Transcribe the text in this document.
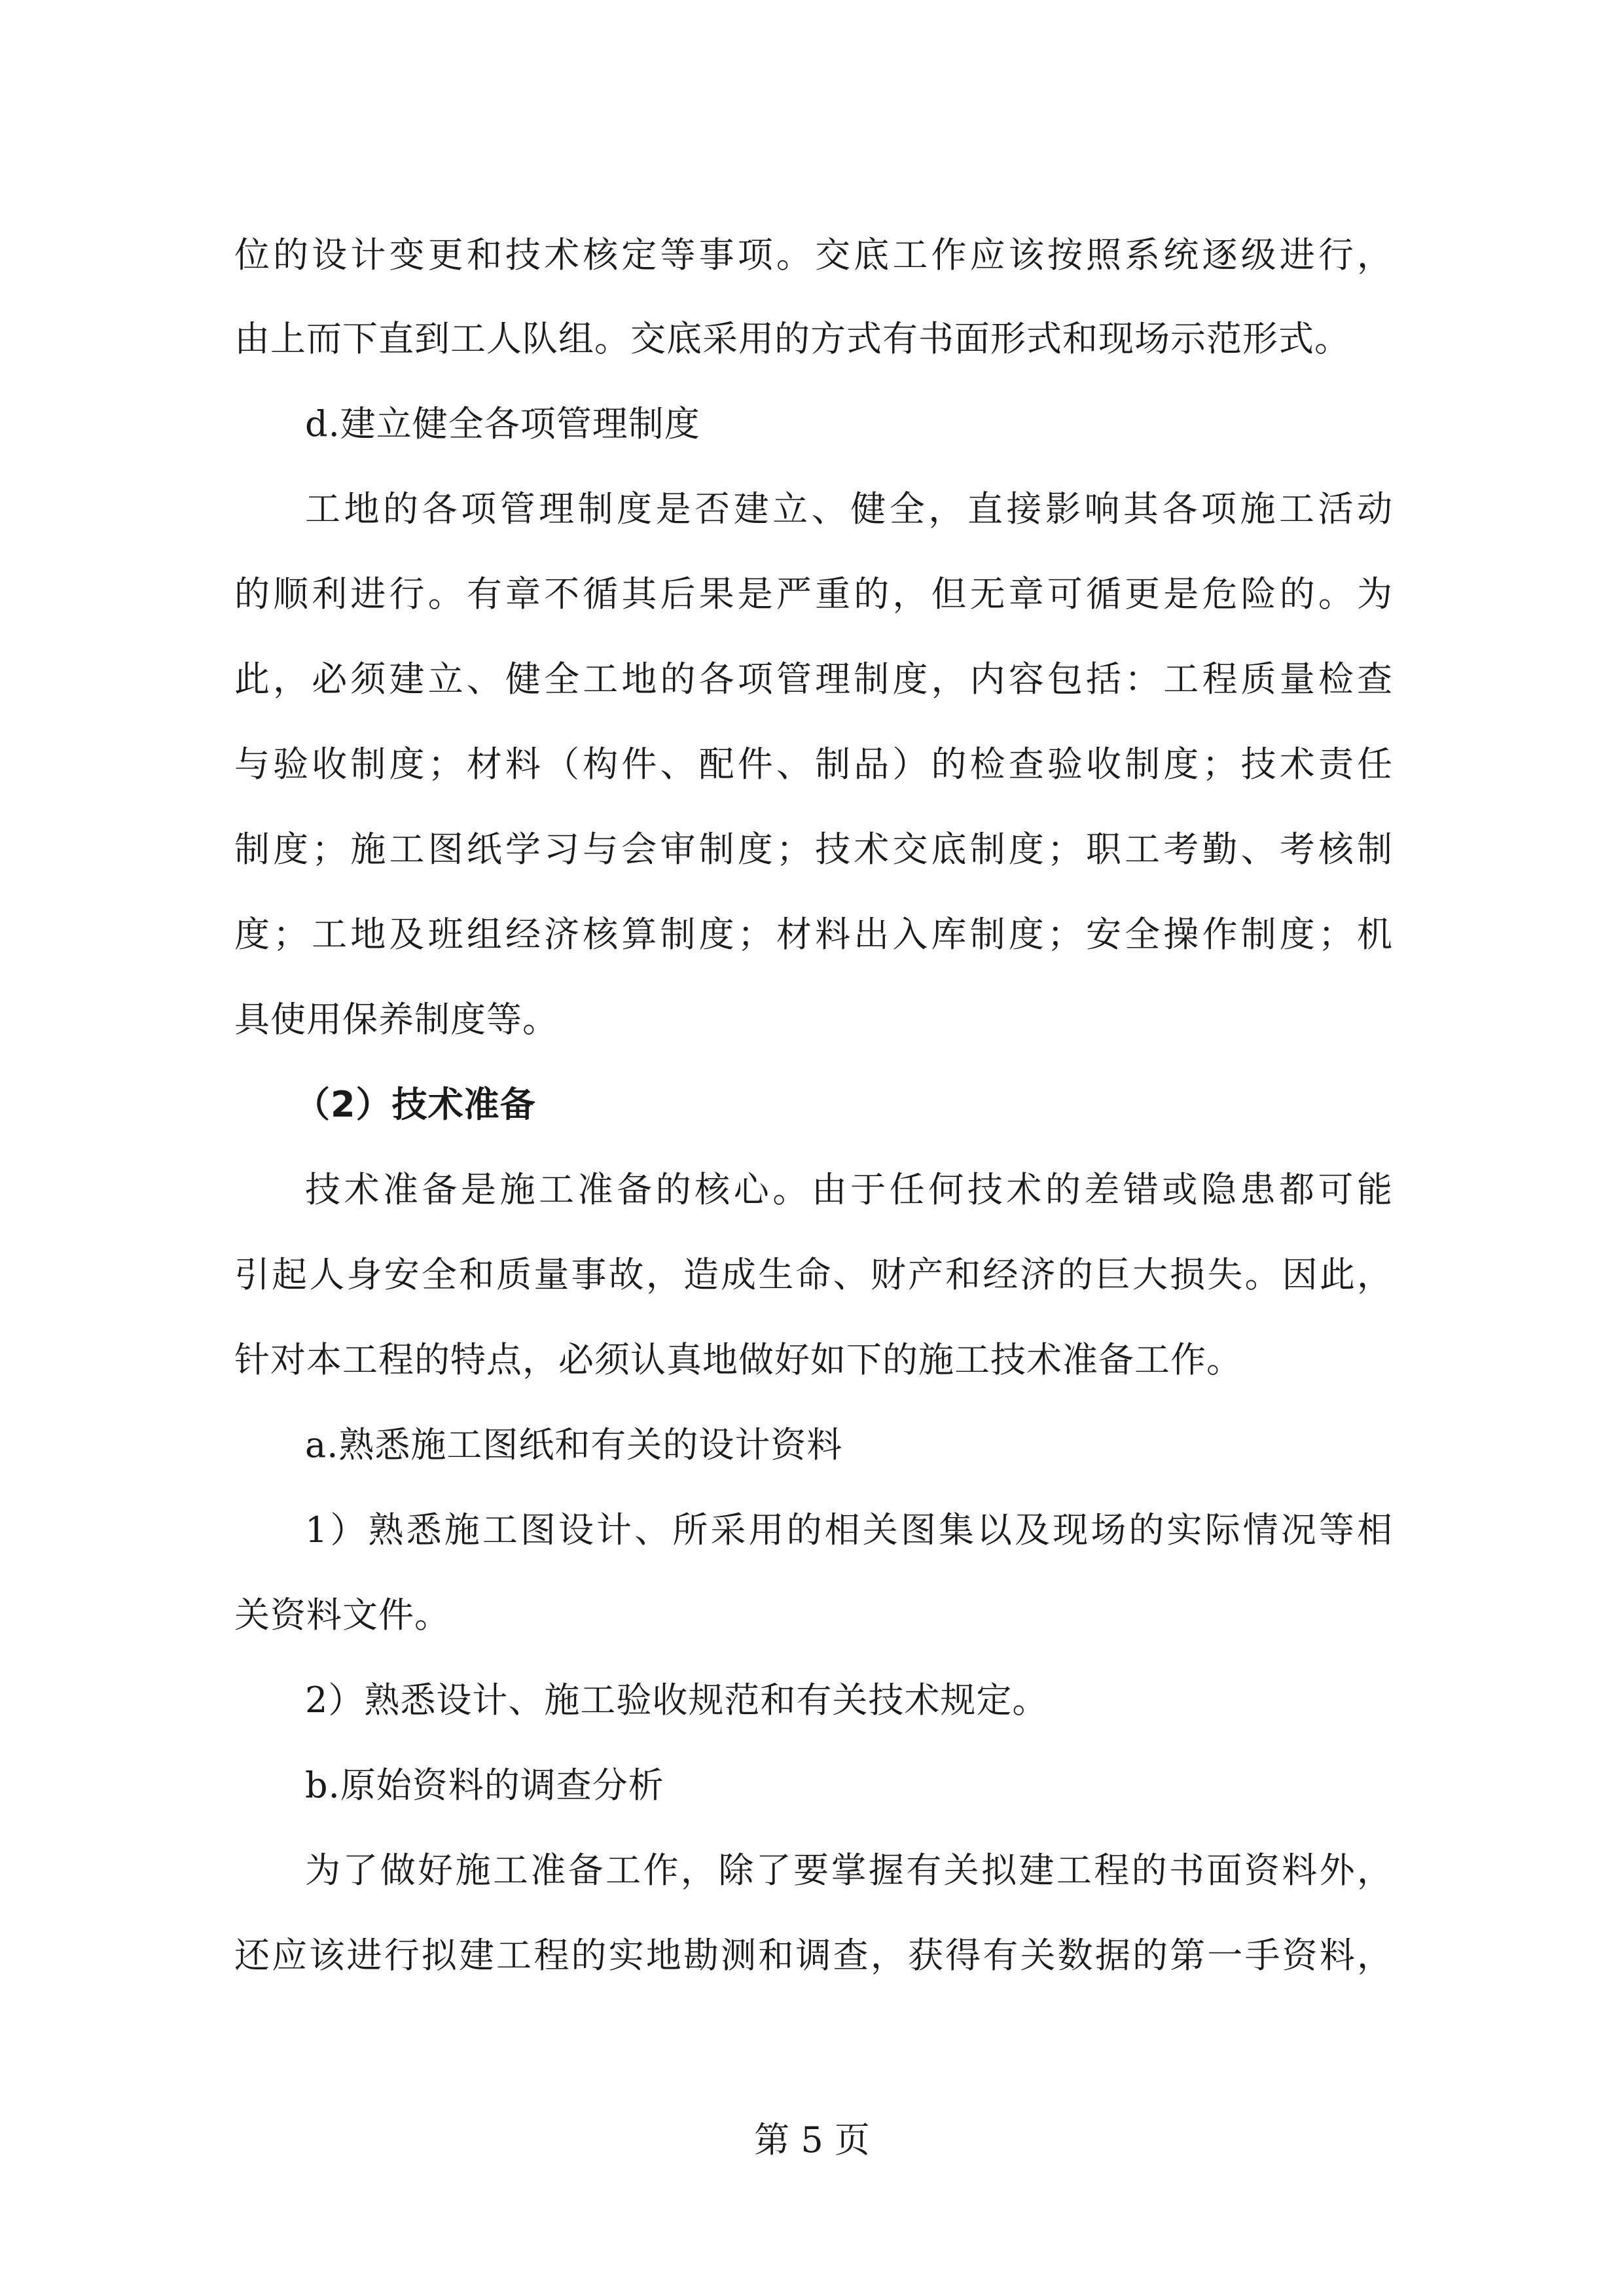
位的设计变更和技术核定等事项。交底工作应该按照系统逐级进行，
由上而下直到工人队组。交底采用的方式有书面形式和现场示范形式。
d.建立健全各项管理制度
工地的各项管理制度是否建立、健全，直接影响其各项施工活动
的顺利进行。有章不循其后果是严重的，但无章可循更是危险的。为
此，必须建立、健全工地的各项管理制度，内容包括：工程质量检查
与验收制度；材料（构件、配件、制品）的检查验收制度；技术责任
制度；施工图纸学习与会审制度；技术交底制度；职工考勤、考核制
度；工地及班组经济核算制度；材料出入库制度；安全操作制度；机
具使用保养制度等。
（2）技术准备
技术准备是施工准备的核心。由于任何技术的差错或隐患都可能
引起人身安全和质量事故，造成生命、财产和经济的巨大损失。因此，
针对本工程的特点，必须认真地做好如下的施工技术准备工作。
a.熟悉施工图纸和有关的设计资料
1）熟悉施工图设计、所采用的相关图集以及现场的实际情况等相
关资料文件。
2）熟悉设计、施工验收规范和有关技术规定。
b.原始资料的调查分析
为了做好施工准备工作，除了要掌握有关拟建工程的书面资料外，
还应该进行拟建工程的实地勘测和调查，获得有关数据的第一手资料，
第 5 页
